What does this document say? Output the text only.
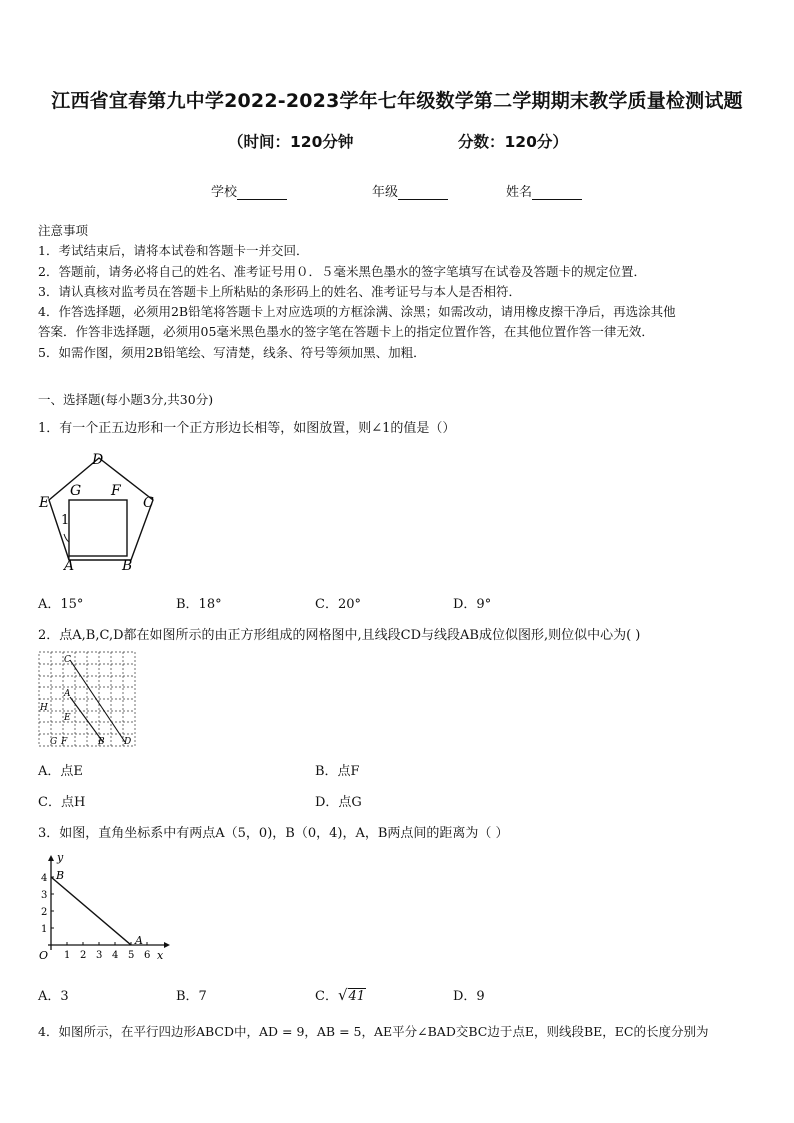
江西省宜春第九中学2022-2023学年七年级数学第二学期期末教学质量检测试题
（时间：120分钟	分数：120分）
学校	年级	姓名

注意事项

1．考试结束后，请将本试卷和答题卡一并交回．

2．答题前，请务必将自己的姓名、准考证号用０．５毫米黑色墨水的签字笔填写在试卷及答题卡的规定位置．

3．请认真核对监考员在答题卡上所粘贴的条形码上的姓名、准考证号与本人是否相符．

4．作答选择题，必须用2B铅笔将答题卡上对应选项的方框涂满、涂黑；如需改动，请用橡皮擦干净后，再选涂其他

答案．作答非选择题，必须用05毫米黑色墨水的签字笔在答题卡上的指定位置作答，在其他位置作答一律无效．

5．如需作图，须用2B铅笔绘、写清楚，线条、符号等须加黑、加粗．

一、选择题(每小题3分,共30分)
1．有一个正五边形和一个正方形边长相等，如图放置，则∠1的值是（）
D
E
G F
C
A	B
1
A．15°	B．18°	C．20°	D．9°
2．点A,B,C,D都在如图所示的由正方形组成的网格图中,且线段CD与线段AB成位似图形,则位似中心为( )
C
A
E
H
G F	B D
A．点E	B．点F
C．点H	D．点G
3．如图，直角坐标系中有两点A（5，0)，B（0，4)，A，B两点间的距离为（ ）
y
x
O
A
B
1 2 3 4 5 6
1
2
3
4
A．3	B．7	C．√41	D．9
4．如图所示，在平行四边形ABCD中，AD = 9，AB = 5，AE平分∠BAD交BC边于点E，则线段BE，EC的长度分别为
